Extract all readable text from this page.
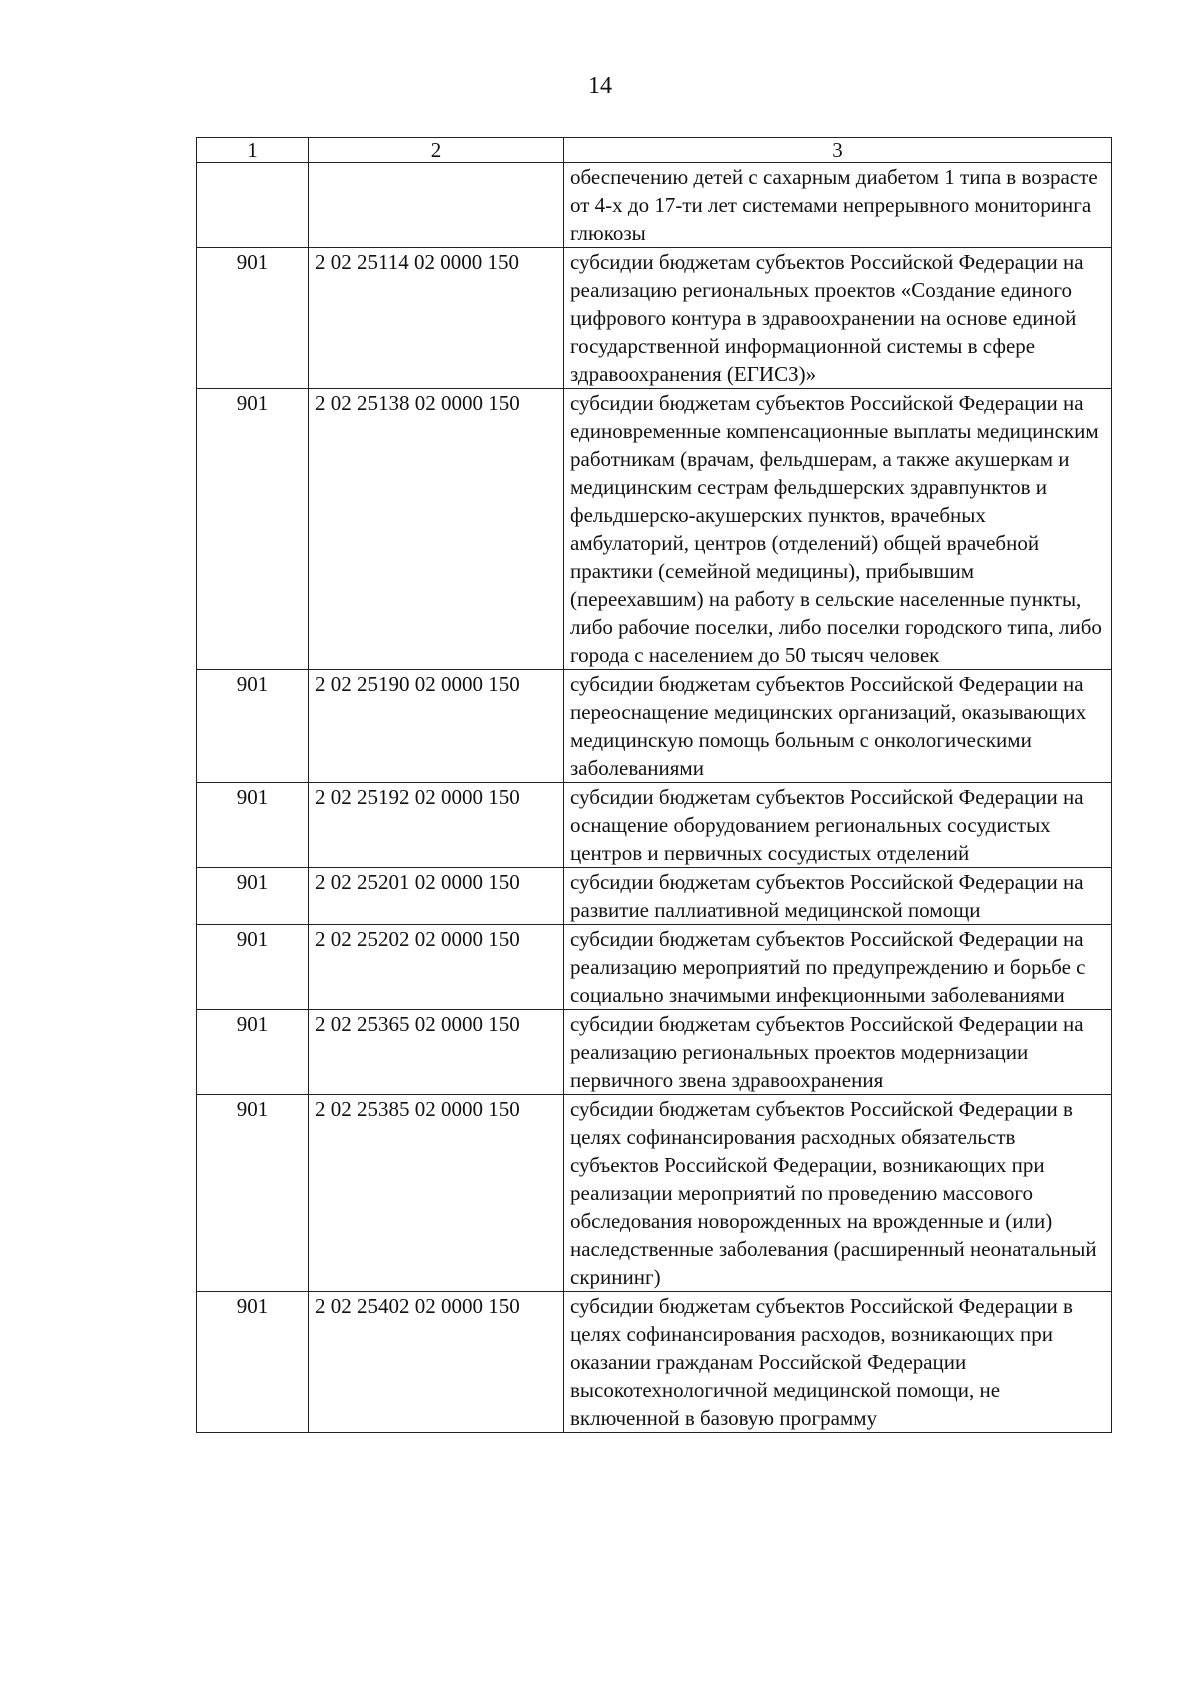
14
1	2	3
		обеспечению детей с сахарным диабетом 1 типа в возрасте от 4-х до 17-ти лет системами непрерывного мониторинга глюкозы
901	2 02 25114 02 0000 150	субсидии бюджетам субъектов Российской Федерации на реализацию региональных проектов «Создание единого цифрового контура в здравоохранении на основе единой государственной информационной системы в сфере здравоохранения (ЕГИСЗ)»
901	2 02 25138 02 0000 150	субсидии бюджетам субъектов Российской Федерации на единовременные компенсационные выплаты медицинским работникам (врачам, фельдшерам, а также акушеркам и медицинским сестрам фельдшерских здравпунктов и фельдшерско-акушерских пунктов, врачебных амбулаторий, центров (отделений) общей врачебной практики (семейной медицины), прибывшим (переехавшим) на работу в сельские населенные пункты, либо рабочие поселки, либо поселки городского типа, либо города с населением до 50 тысяч человек
901	2 02 25190 02 0000 150	субсидии бюджетам субъектов Российской Федерации на переоснащение медицинских организаций, оказывающих медицинскую помощь больным с онкологическими заболеваниями
901	2 02 25192 02 0000 150	субсидии бюджетам субъектов Российской Федерации на оснащение оборудованием региональных сосудистых центров и первичных сосудистых отделений
901	2 02 25201 02 0000 150	субсидии бюджетам субъектов Российской Федерации на развитие паллиативной медицинской помощи
901	2 02 25202 02 0000 150	субсидии бюджетам субъектов Российской Федерации на реализацию мероприятий по предупреждению и борьбе с социально значимыми инфекционными заболеваниями
901	2 02 25365 02 0000 150	субсидии бюджетам субъектов Российской Федерации на реализацию региональных проектов модернизации первичного звена здравоохранения
901	2 02 25385 02 0000 150	субсидии бюджетам субъектов Российской Федерации в целях софинансирования расходных обязательств субъектов Российской Федерации, возникающих при реализации мероприятий по проведению массового обследования новорожденных на врожденные и (или) наследственные заболевания (расширенный неонатальный скрининг)
901	2 02 25402 02 0000 150	субсидии бюджетам субъектов Российской Федерации в целях софинансирования расходов, возникающих при оказании гражданам Российской Федерации высокотехнологичной медицинской помощи, не включенной в базовую программу
